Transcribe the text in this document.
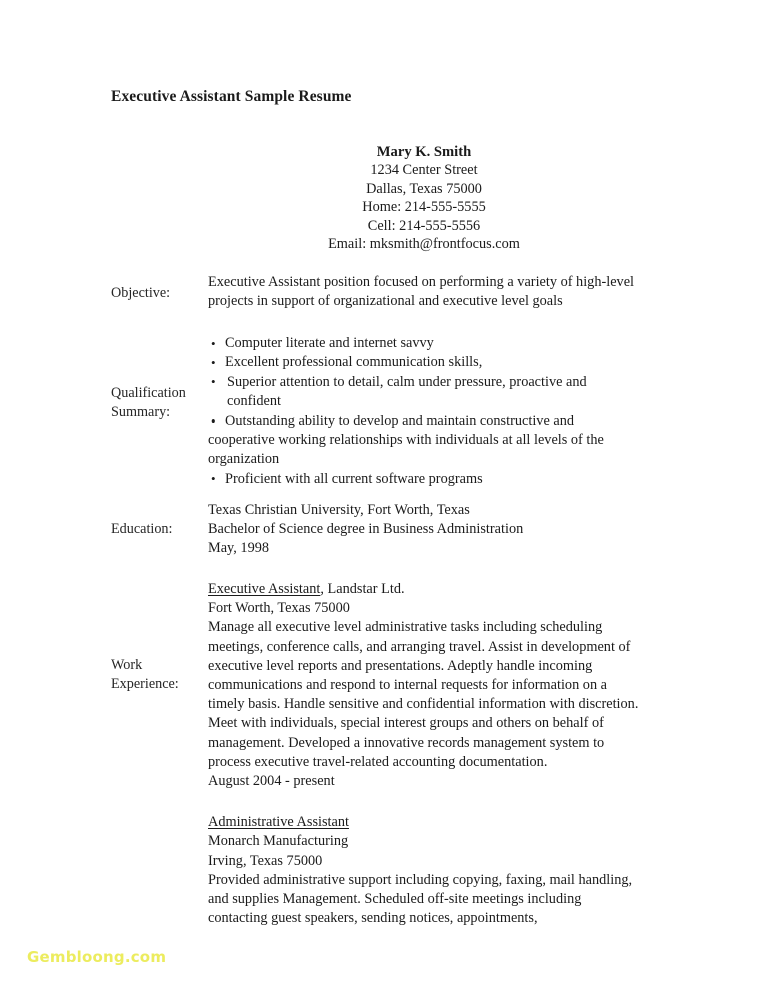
Executive Assistant Sample Resume
Mary K. Smith
1234 Center Street
Dallas, Texas 75000
Home: 214-555-5555
Cell: 214-555-5556
Email: mksmith@frontfocus.com
Objective:

Executive Assistant position focused on performing a variety of high-level projects in support of organizational and executive level goals

Qualification
Summary:
• Computer literate and internet savvy
• Excellent professional communication skills,
• Superior attention to detail, calm under pressure, proactive and confident
• • Outstanding ability to develop and maintain constructive and cooperative working relationships with individuals at all levels of the organization
• Proficient with all current software programs
Education:

Texas Christian University, Fort Worth, Texas

Bachelor of Science degree in Business Administration

May, 1998

Work
Experience:

Executive Assistant, Landstar Ltd.

Fort Worth, Texas 75000

Manage all executive level administrative tasks including scheduling meetings, conference calls, and arranging travel. Assist in development of executive level reports and presentations. Adeptly handle incoming communications and respond to internal requests for information on a timely basis. Handle sensitive and confidential information with discretion. Meet with individuals, special interest groups and others on behalf of management. Developed a innovative records management system to process executive travel-related accounting documentation.

August 2004 - present

Administrative Assistant

Monarch Manufacturing

Irving, Texas 75000

Provided administrative support including copying, faxing, mail handling, and supplies Management. Scheduled off-site meetings including contacting guest speakers, sending notices, appointments,

Gembloong.com
